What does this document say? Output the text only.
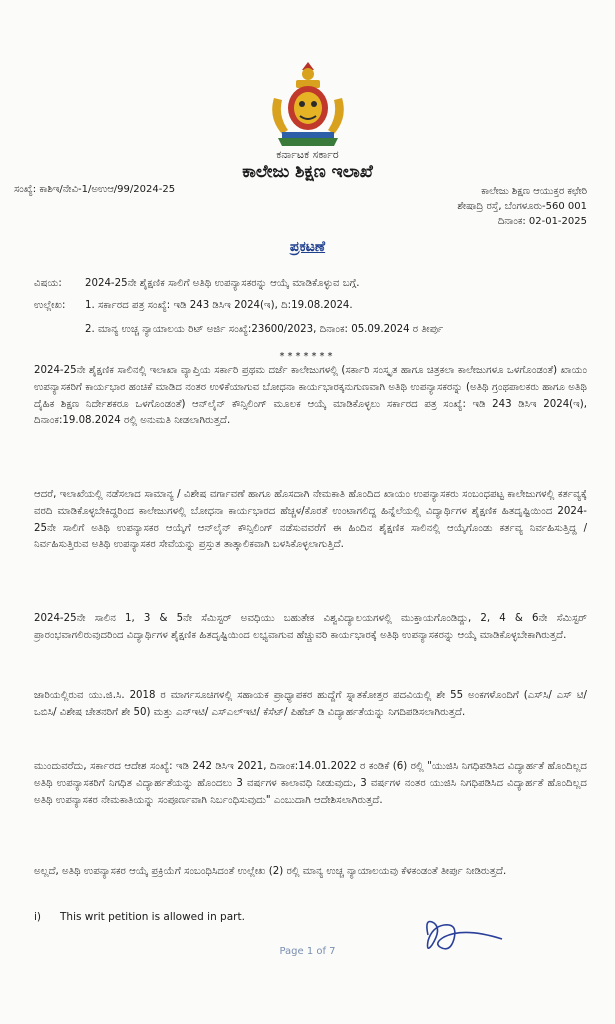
ಕರ್ನಾಟಕ ಸರ್ಕಾರ
ಕಾಲೇಜು ಶಿಕ್ಷಣ ಇಲಾಖೆ
ಸಂಖ್ಯೆ: ಕಾಶಿಇ/ನೇವಿ-1/ಅಉಆ/99/2024-25	ಕಾಲೇಜು ಶಿಕ್ಷಣ ಆಯುಕ್ತರ ಕಛೇರಿ
ಶೇಷಾದ್ರಿ ರಸ್ತೆ, ಬೆಂಗಳೂರು-560 001
ದಿನಾಂಕ: 02-01-2025
ಪ್ರಕಟಣೆ
ವಿಷಯ: 2024-25ನೇ ಶೈಕ್ಷಣಿಕ ಸಾಲಿಗೆ ಅತಿಥಿ ಉಪನ್ಯಾಸಕರನ್ನು ಆಯ್ಕೆ ಮಾಡಿಕೊಳ್ಳುವ ಬಗ್ಗೆ.
ಉಲ್ಲೇಖ: 1. ಸರ್ಕಾರದ ಪತ್ರ ಸಂಖ್ಯೆ: ಇಡಿ 243 ಡಿಸಿಇ 2024(ಇ), ದಿ:19.08.2024.
2. ಮಾನ್ಯ ಉಚ್ಚ ನ್ಯಾಯಾಲಯ ರಿಟ್ ಅರ್ಜಿ ಸಂಖ್ಯೆ:23600/2023, ದಿನಾಂಕ: 05.09.2024 ರ ತೀರ್ಪು
*******

2024-25ನೇ ಶೈಕ್ಷಣಿಕ ಸಾಲಿನಲ್ಲಿ ಇಲಾಖಾ ವ್ಯಾಪ್ತಿಯ ಸರ್ಕಾರಿ ಪ್ರಥಮ ದರ್ಜೆ ಕಾಲೇಜುಗಳಲ್ಲಿ (ಸರ್ಕಾರಿ ಸಂಸ್ಕೃತ ಹಾಗೂ ಚಿತ್ರಕಲಾ ಕಾಲೇಜುಗಳೂ ಒಳಗೊಂಡಂತೆ) ಖಾಯಂ ಉಪನ್ಯಾಸಕರಿಗೆ ಕಾರ್ಯಭಾರ ಹಂಚಿಕೆ ಮಾಡಿದ ನಂತರ ಉಳಿಕೆಯಾಗುವ ಬೋಧನಾ ಕಾರ್ಯಭಾರಕ್ಕನುಗುಣವಾಗಿ ಅತಿಥಿ ಉಪನ್ಯಾಸಕರನ್ನು (ಅತಿಥಿ ಗ್ರಂಥಪಾಲಕರು ಹಾಗೂ ಅತಿಥಿ ದೈಹಿಕ ಶಿಕ್ಷಣ ನಿರ್ದೇಶಕರೂ ಒಳಗೊಂಡಂತೆ) ಆನ್‌ಲೈನ್ ಕೌನ್ಸಿಲಿಂಗ್ ಮೂಲಕ ಆಯ್ಕೆ ಮಾಡಿಕೊಳ್ಳಲು ಸರ್ಕಾರದ ಪತ್ರ ಸಂಖ್ಯೆ: ಇಡಿ 243 ಡಿಸಿಇ 2024(ಇ), ದಿನಾಂಕ:19.08.2024 ರಲ್ಲಿ ಅನುಮತಿ ನೀಡಲಾಗಿರುತ್ತದೆ.

ಆದರೆ, ಇಲಾಖೆಯಲ್ಲಿ ನಡೆಸಲಾದ ಸಾಮಾನ್ಯ / ವಿಶೇಷ ವರ್ಗಾವಣೆ ಹಾಗೂ ಹೊಸದಾಗಿ ನೇಮಕಾತಿ ಹೊಂದಿದ ಖಾಯಂ ಉಪನ್ಯಾಸಕರು ಸಂಬಂಧಪಟ್ಟ ಕಾಲೇಜುಗಳಲ್ಲಿ ಕರ್ತವ್ಯಕ್ಕೆ ವರದಿ ಮಾಡಿಕೊಳ್ಳಬೇಕಿದ್ದರಿಂದ ಕಾಲೇಜುಗಳಲ್ಲಿ ಬೋಧನಾ ಕಾರ್ಯಭಾರದ ಹೆಚ್ಚಳ/ಕೊರತೆ ಉಂಟಾಗಲಿದ್ದ ಹಿನ್ನೆಲೆಯಲ್ಲಿ ವಿದ್ಯಾರ್ಥಿಗಳ ಶೈಕ್ಷಣಿಕ ಹಿತದೃಷ್ಟಿಯಿಂದ 2024-25ನೇ ಸಾಲಿಗೆ ಅತಿಥಿ ಉಪನ್ಯಾಸಕರ ಆಯ್ಕೆಗೆ ಆನ್‌ಲೈನ್ ಕೌನ್ಸಿಲಿಂಗ್ ನಡೆಸುವವರೆಗೆ ಈ ಹಿಂದಿನ ಶೈಕ್ಷಣಿಕ ಸಾಲಿನಲ್ಲಿ ಆಯ್ಕೆಗೊಂಡು ಕರ್ತವ್ಯ ನಿರ್ವಹಿಸುತ್ತಿದ್ದ / ನಿರ್ವಹಿಸುತ್ತಿರುವ ಅತಿಥಿ ಉಪನ್ಯಾಸಕರ ಸೇವೆಯನ್ನು ಪ್ರಸ್ತುತ ತಾತ್ಕಾಲಿಕವಾಗಿ ಬಳಸಿಕೊಳ್ಳಲಾಗುತ್ತಿದೆ.

2024-25ನೇ ಸಾಲಿನ 1, 3 & 5ನೇ ಸೆಮಿಸ್ಟರ್ ಅವಧಿಯು ಬಹುತೇಕ ವಿಶ್ವವಿದ್ಯಾಲಯಗಳಲ್ಲಿ ಮುಕ್ತಾಯಗೊಂಡಿದ್ದು, 2, 4 & 6ನೇ ಸೆಮಿಸ್ಟರ್ ಪ್ರಾರಂಭವಾಗಲಿರುವುದರಿಂದ ವಿದ್ಯಾರ್ಥಿಗಳ ಶೈಕ್ಷಣಿಕ ಹಿತದೃಷ್ಟಿಯಿಂದ ಲಭ್ಯವಾಗುವ ಹೆಚ್ಚುವರಿ ಕಾರ್ಯಭಾರಕ್ಕೆ ಅತಿಥಿ ಉಪನ್ಯಾಸಕರನ್ನು ಆಯ್ಕೆ ಮಾಡಿಕೊಳ್ಳಬೇಕಾಗಿರುತ್ತದೆ.

ಜಾರಿಯಲ್ಲಿರುವ ಯು.ಜಿ.ಸಿ. 2018 ರ ಮಾರ್ಗಸೂಚಿಗಳಲ್ಲಿ ಸಹಾಯಕ ಪ್ರಾಧ್ಯಾಪಕರ ಹುದ್ದೆಗೆ ಸ್ನಾತಕೋತ್ತರ ಪದವಿಯಲ್ಲಿ ಶೇ 55 ಅಂಕಗಳೊಂದಿಗೆ (ಎಸ್‌ಸಿ/ ಎಸ್ ಟಿ/ ಒಬಿಸಿ/ ವಿಶೇಷ ಚೇತನರಿಗೆ ಶೇ 50) ಮತ್ತು ಎನ್‌ಇಟಿ/ ಎಸ್‌ಎಲ್‌ಇಟಿ/ ಕೆಸೆಟ್/ ಪಿಹೆಚ್ ಡಿ ವಿದ್ಯಾರ್ಹತೆಯನ್ನು ನಿಗದಿಪಡಿಸಲಾಗಿರುತ್ತದೆ.

ಮುಂದುವರೆದು, ಸರ್ಕಾರದ ಆದೇಶ ಸಂಖ್ಯೆ: ಇಡಿ 242 ಡಿಸಿಇ 2021, ದಿನಾಂಕ:14.01.2022 ರ ಕಂಡಿಕೆ (6) ರಲ್ಲಿ "ಯುಜಿಸಿ ನಿಗಧಿಪಡಿಸಿದ ವಿದ್ಯಾರ್ಹತೆ ಹೊಂದಿಲ್ಲದ ಅತಿಥಿ ಉಪನ್ಯಾಸಕರಿಗೆ ನಿಗಧಿತ ವಿದ್ಯಾರ್ಹತೆಯನ್ನು ಹೊಂದಲು 3 ವರ್ಷಗಳ ಕಾಲಾವಧಿ ನೀಡುವುದು, 3 ವರ್ಷಗಳ ನಂತರ ಯುಜಿಸಿ ನಿಗಧಿಪಡಿಸಿದ ವಿದ್ಯಾರ್ಹತೆ ಹೊಂದಿಲ್ಲದ ಅತಿಥಿ ಉಪನ್ಯಾಸಕರ ನೇಮಕಾತಿಯನ್ನು ಸಂಪೂರ್ಣವಾಗಿ ನಿರ್ಬಂಧಿಸುವುದು" ಎಂಬುದಾಗಿ ಆದೇಶಿಸಲಾಗಿರುತ್ತದೆ.

ಅಲ್ಲದೆ, ಅತಿಥಿ ಉಪನ್ಯಾಸಕರ ಆಯ್ಕೆ ಪ್ರಕ್ರಿಯೆಗೆ ಸಂಬಂಧಿಸಿದಂತೆ ಉಲ್ಲೇಖ (2) ರಲ್ಲಿ ಮಾನ್ಯ ಉಚ್ಚ ನ್ಯಾಯಾಲಯವು ಕೆಳಕಂಡಂತೆ ತೀರ್ಪು ನೀಡಿರುತ್ತದೆ.

i) This writ petition is allowed in part.
Page 1 of 7
